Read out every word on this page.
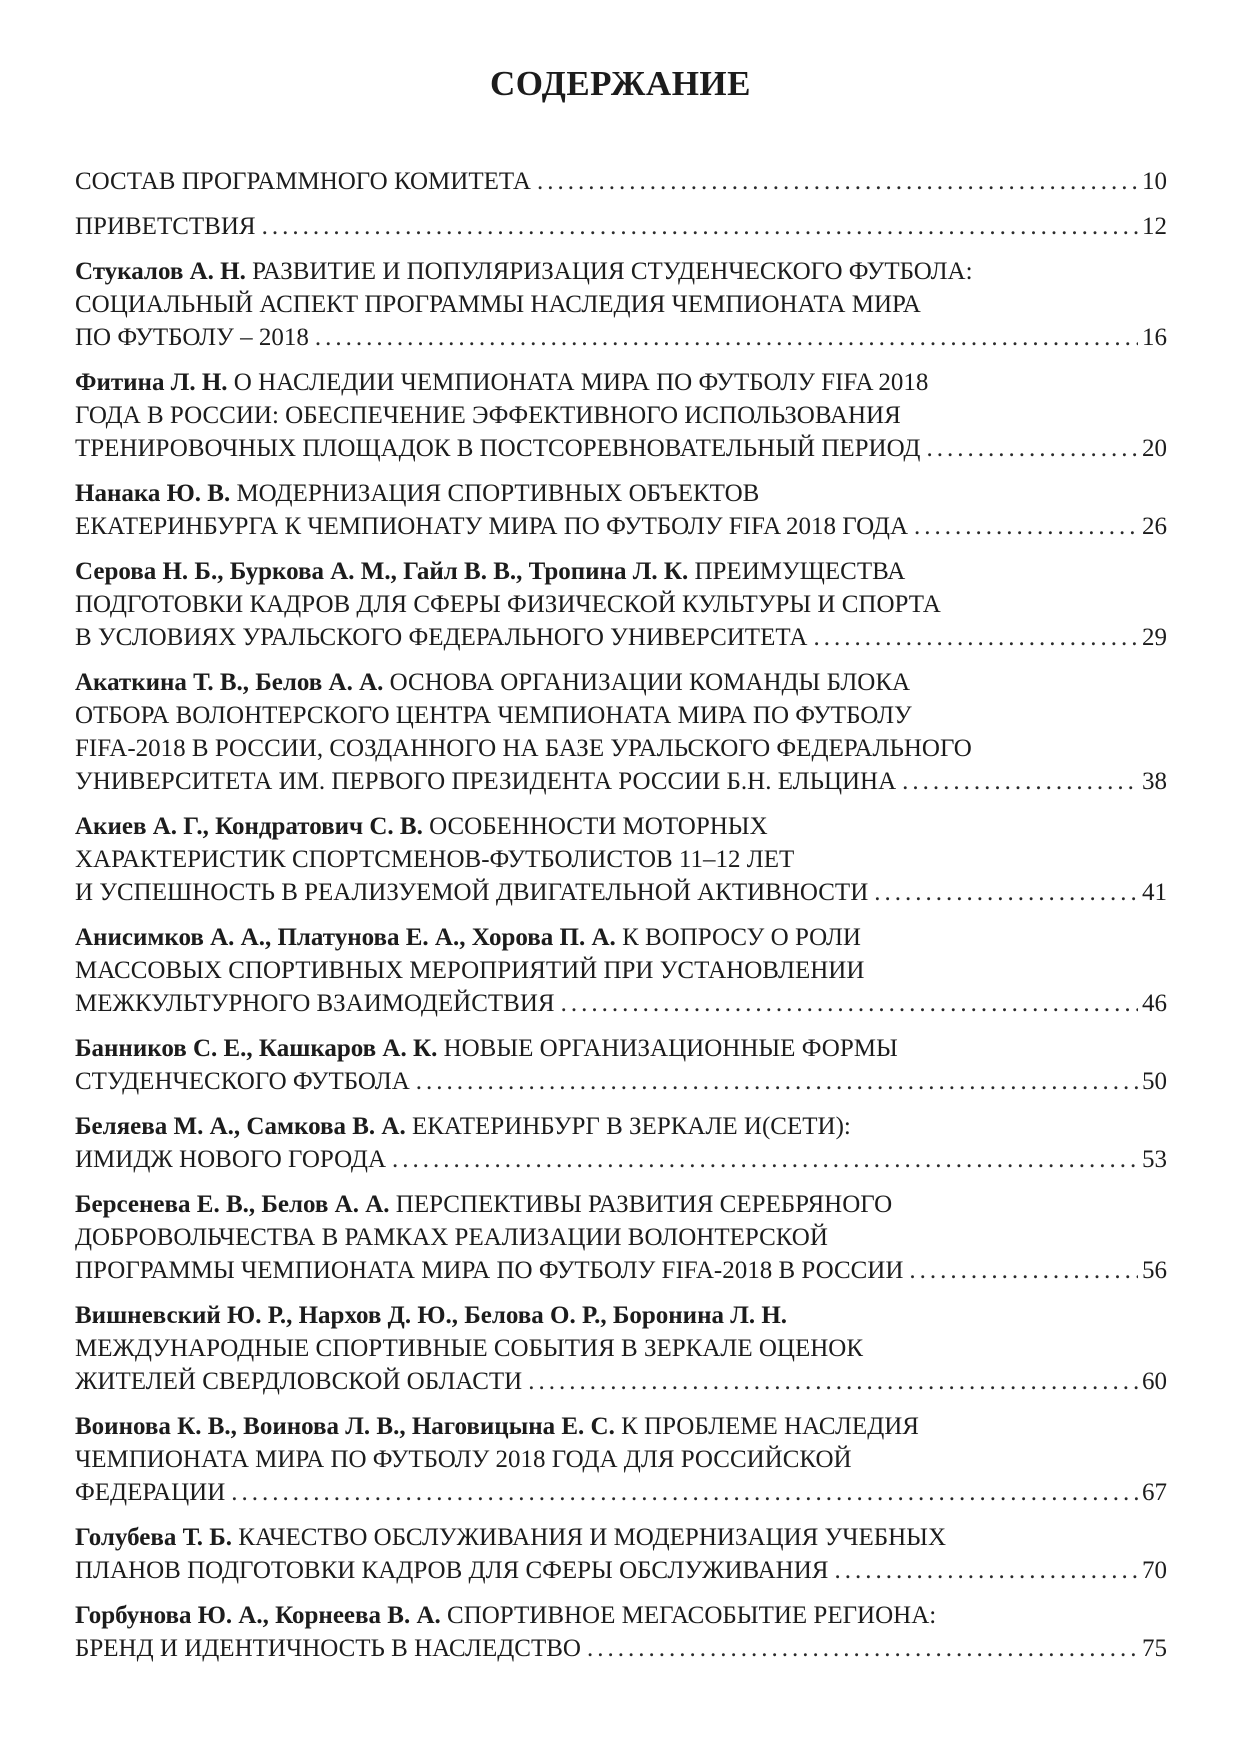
СОДЕРЖАНИЕ
СОСТАВ ПРОГРАММНОГО КОМИТЕТА .....	10
ПРИВЕТСТВИЯ .....	12
Стукалов А. Н. РАЗВИТИЕ И ПОПУЛЯРИЗАЦИЯ СТУДЕНЧЕСКОГО ФУТБОЛА:
СОЦИАЛЬНЫЙ АСПЕКТ ПРОГРАММЫ НАСЛЕДИЯ ЧЕМПИОНАТА МИРА
ПО ФУТБОЛУ – 2018 .....	16
Фитина Л. Н. О НАСЛЕДИИ ЧЕМПИОНАТА МИРА ПО ФУТБОЛУ FIFA 2018
ГОДА В РОССИИ: ОБЕСПЕЧЕНИЕ ЭФФЕКТИВНОГО ИСПОЛЬЗОВАНИЯ
ТРЕНИРОВОЧНЫХ ПЛОЩАДОК В ПОСТСОРЕВНОВАТЕЛЬНЫЙ ПЕРИОД .....	20
Нанака Ю. В. МОДЕРНИЗАЦИЯ СПОРТИВНЫХ ОБЪЕКТОВ
ЕКАТЕРИНБУРГА К ЧЕМПИОНАТУ МИРА ПО ФУТБОЛУ FIFA 2018 ГОДА .....	26
Серова Н. Б., Буркова А. М., Гайл В. В., Тропина Л. К. ПРЕИМУЩЕСТВА
ПОДГОТОВКИ КАДРОВ ДЛЯ СФЕРЫ ФИЗИЧЕСКОЙ КУЛЬТУРЫ И СПОРТА
В УСЛОВИЯХ УРАЛЬСКОГО ФЕДЕРАЛЬНОГО УНИВЕРСИТЕТА .....	29
Акаткина Т. В., Белов А. А. ОСНОВА ОРГАНИЗАЦИИ КОМАНДЫ БЛОКА
ОТБОРА ВОЛОНТЕРСКОГО ЦЕНТРА ЧЕМПИОНАТА МИРА ПО ФУТБОЛУ
FIFA-2018 В РОССИИ, СОЗДАННОГО НА БАЗЕ УРАЛЬСКОГО ФЕДЕРАЛЬНОГО
УНИВЕРСИТЕТА ИМ. ПЕРВОГО ПРЕЗИДЕНТА РОССИИ Б.Н. ЕЛЬЦИНА .....	38
Акиев А. Г., Кондратович С. В. ОСОБЕННОСТИ МОТОРНЫХ
ХАРАКТЕРИСТИК СПОРТСМЕНОВ-ФУТБОЛИСТОВ 11–12 ЛЕТ
И УСПЕШНОСТЬ В РЕАЛИЗУЕМОЙ ДВИГАТЕЛЬНОЙ АКТИВНОСТИ .....	41
Анисимков А. А., Платунова Е. А., Хорова П. А. К ВОПРОСУ О РОЛИ
МАССОВЫХ СПОРТИВНЫХ МЕРОПРИЯТИЙ ПРИ УСТАНОВЛЕНИИ
МЕЖКУЛЬТУРНОГО ВЗАИМОДЕЙСТВИЯ .....	46
Банников С. Е., Кашкаров А. К. НОВЫЕ ОРГАНИЗАЦИОННЫЕ ФОРМЫ
СТУДЕНЧЕСКОГО ФУТБОЛА .....	50
Беляева М. А., Самкова В. А. ЕКАТЕРИНБУРГ В ЗЕРКАЛЕ И(СЕТИ):
ИМИДЖ НОВОГО ГОРОДА .....	53
Берсенева Е. В., Белов А. А. ПЕРСПЕКТИВЫ РАЗВИТИЯ СЕРЕБРЯНОГО
ДОБРОВОЛЬЧЕСТВА В РАМКАХ РЕАЛИЗАЦИИ ВОЛОНТЕРСКОЙ
ПРОГРАММЫ ЧЕМПИОНАТА МИРА ПО ФУТБОЛУ FIFA-2018 В РОССИИ .....	56
Вишневский Ю. Р., Нархов Д. Ю., Белова О. Р., Боронина Л. Н.
МЕЖДУНАРОДНЫЕ СПОРТИВНЫЕ СОБЫТИЯ В ЗЕРКАЛЕ ОЦЕНОК
ЖИТЕЛЕЙ СВЕРДЛОВСКОЙ ОБЛАСТИ .....	60
Воинова К. В., Воинова Л. В., Наговицына Е. С. К ПРОБЛЕМЕ НАСЛЕДИЯ
ЧЕМПИОНАТА МИРА ПО ФУТБОЛУ 2018 ГОДА ДЛЯ РОССИЙСКОЙ
ФЕДЕРАЦИИ .....	67
Голубева Т. Б. КАЧЕСТВО ОБСЛУЖИВАНИЯ И МОДЕРНИЗАЦИЯ УЧЕБНЫХ
ПЛАНОВ ПОДГОТОВКИ КАДРОВ ДЛЯ СФЕРЫ ОБСЛУЖИВАНИЯ .....	70
Горбунова Ю. А., Корнеева В. А. СПОРТИВНОЕ МЕГАСОБЫТИЕ РЕГИОНА:
БРЕНД И ИДЕНТИЧНОСТЬ В НАСЛЕДСТВО .....	75
